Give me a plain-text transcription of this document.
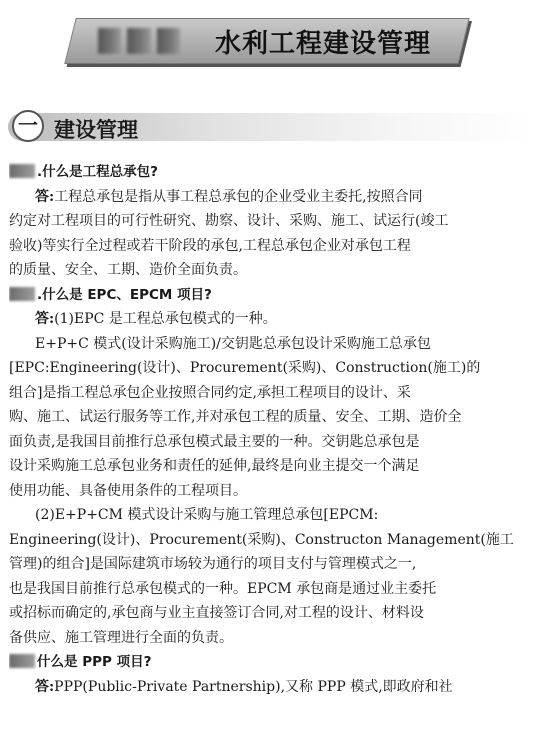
水利工程建设管理
一 建设管理
.什么是工程总承包?
答:工程总承包是指从事工程总承包的企业受业主委托,按照合同
约定对工程项目的可行性研究、勘察、设计、采购、施工、试运行(竣工
验收)等实行全过程或若干阶段的承包,工程总承包企业对承包工程
的质量、安全、工期、造价全面负责。
.什么是 EPC、EPCM 项目?
答:(1)EPC 是工程总承包模式的一种。
E+P+C 模式(设计采购施工)/交钥匙总承包设计采购施工总承包
[EPC:Engineering(设计)、Procurement(采购)、Construction(施工)的
组合]是指工程总承包企业按照合同约定,承担工程项目的设计、采
购、施工、试运行服务等工作,并对承包工程的质量、安全、工期、造价全
面负责,是我国目前推行总承包模式最主要的一种。交钥匙总承包是
设计采购施工总承包业务和责任的延伸,最终是向业主提交一个满足
使用功能、具备使用条件的工程项目。
(2)E+P+CM 模式设计采购与施工管理总承包[EPCM:
Engineering(设计)、Procurement(采购)、Constructon Management(施工
管理)的组合]是国际建筑市场较为通行的项目支付与管理模式之一,
也是我国目前推行总承包模式的一种。EPCM 承包商是通过业主委托
或招标而确定的,承包商与业主直接签订合同,对工程的设计、材料设
备供应、施工管理进行全面的负责。
什么是 PPP 项目?
答:PPP(Public-Private Partnership),又称 PPP 模式,即政府和社
